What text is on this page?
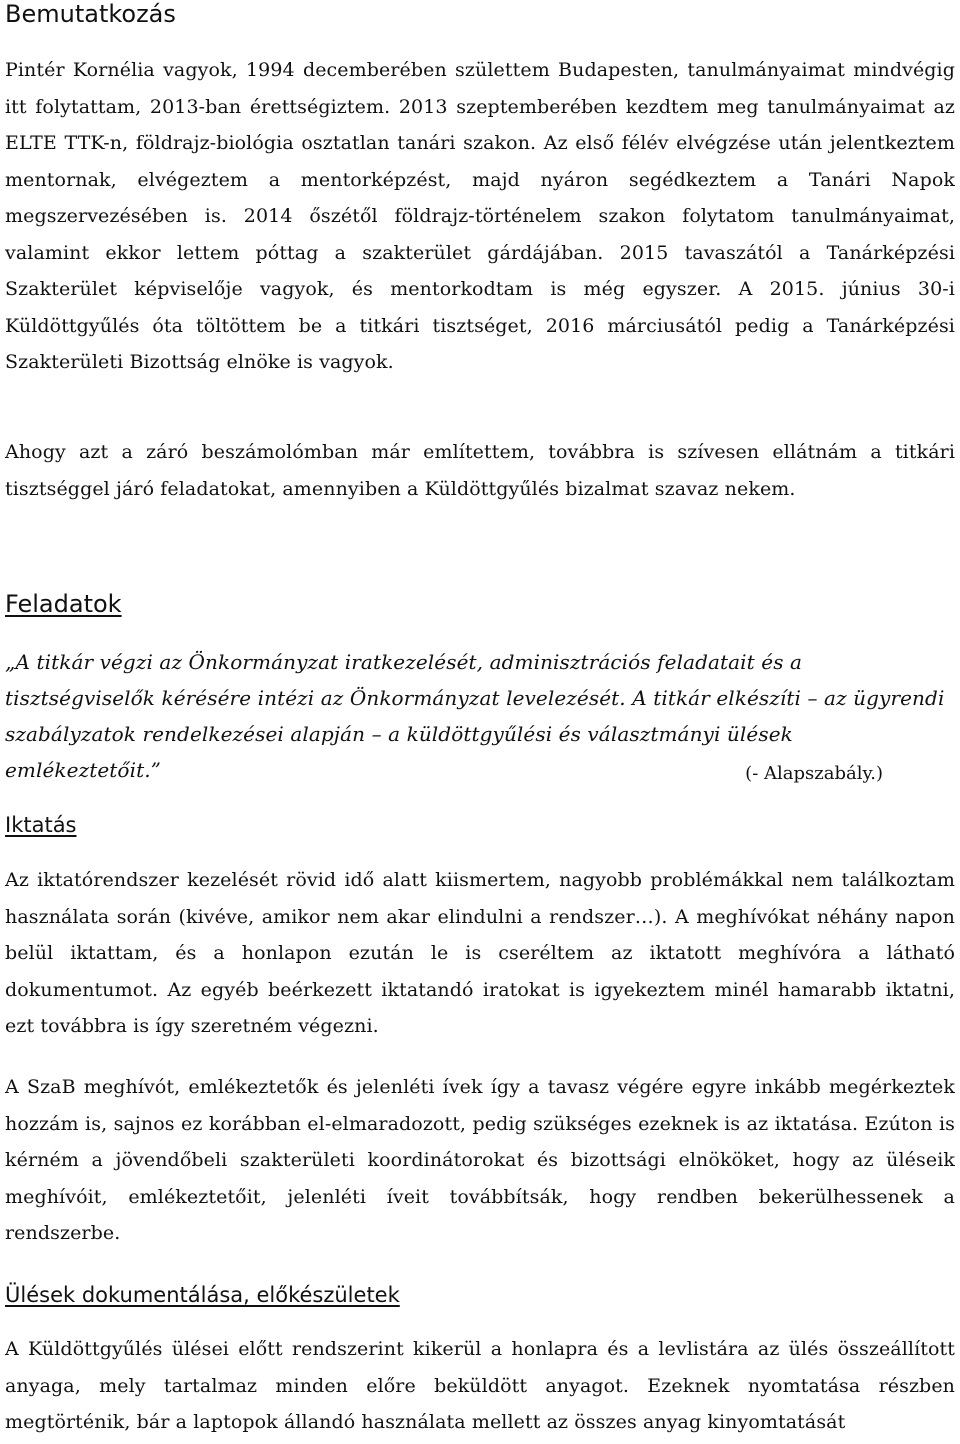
Bemutatkozás

Pintér Kornélia vagyok, 1994 decemberében születtem Budapesten, tanulmányaimat mindvégig itt folytattam, 2013-ban érettségiztem. 2013 szeptemberében kezdtem meg tanulmányaimat az ELTE TTK-n, földrajz-biológia osztatlan tanári szakon. Az első félév elvégzése után jelentkeztem mentornak, elvégeztem a mentorképzést, majd nyáron segédkeztem a Tanári Napok megszervezésében is. 2014 őszétől földrajz-történelem szakon folytatom tanulmányaimat, valamint ekkor lettem póttag a szakterület gárdájában. 2015 tavaszától a Tanárképzési Szakterület képviselője vagyok, és mentorkodtam is még egyszer. A 2015. június 30-i Küldöttgyűlés óta töltöttem be a titkári tisztséget, 2016 márciusától pedig a Tanárképzési Szakterületi Bizottság elnöke is vagyok.

Ahogy azt a záró beszámolómban már említettem, továbbra is szívesen ellátnám a titkári tisztséggel járó feladatokat, amennyiben a Küldöttgyűlés bizalmat szavaz nekem.

Feladatok

„A titkár végzi az Önkormányzat iratkezelését, adminisztrációs feladatait és a tisztségviselők kérésére intézi az Önkormányzat levelezését. A titkár elkészíti – az ügyrendi szabályzatok rendelkezései alapján – a küldöttgyűlési és választmányi ülések emlékeztetőit.”	(- Alapszabály.)
Iktatás

Az iktatórendszer kezelését rövid idő alatt kiismertem, nagyobb problémákkal nem találkoztam használata során (kivéve, amikor nem akar elindulni a rendszer…). A meghívókat néhány napon belül iktattam, és a honlapon ezután le is cseréltem az iktatott meghívóra a látható dokumentumot. Az egyéb beérkezett iktatandó iratokat is igyekeztem minél hamarabb iktatni, ezt továbbra is így szeretném végezni.

A SzaB meghívót, emlékeztetők és jelenléti ívek így a tavasz végére egyre inkább megérkeztek hozzám is, sajnos ez korábban el-elmaradozott, pedig szükséges ezeknek is az iktatása. Ezúton is kérném a jövendőbeli szakterületi koordinátorokat és bizottsági elnököket, hogy az üléseik meghívóit, emlékeztetőit, jelenléti íveit továbbítsák, hogy rendben bekerülhessenek a rendszerbe.

Ülések dokumentálása, előkészületek

A Küldöttgyűlés ülései előtt rendszerint kikerül a honlapra és a levlistára az ülés összeállított anyaga, mely tartalmaz minden előre beküldött anyagot. Ezeknek nyomtatása részben megtörténik, bár a laptopok állandó használata mellett az összes anyag kinyomtatását
